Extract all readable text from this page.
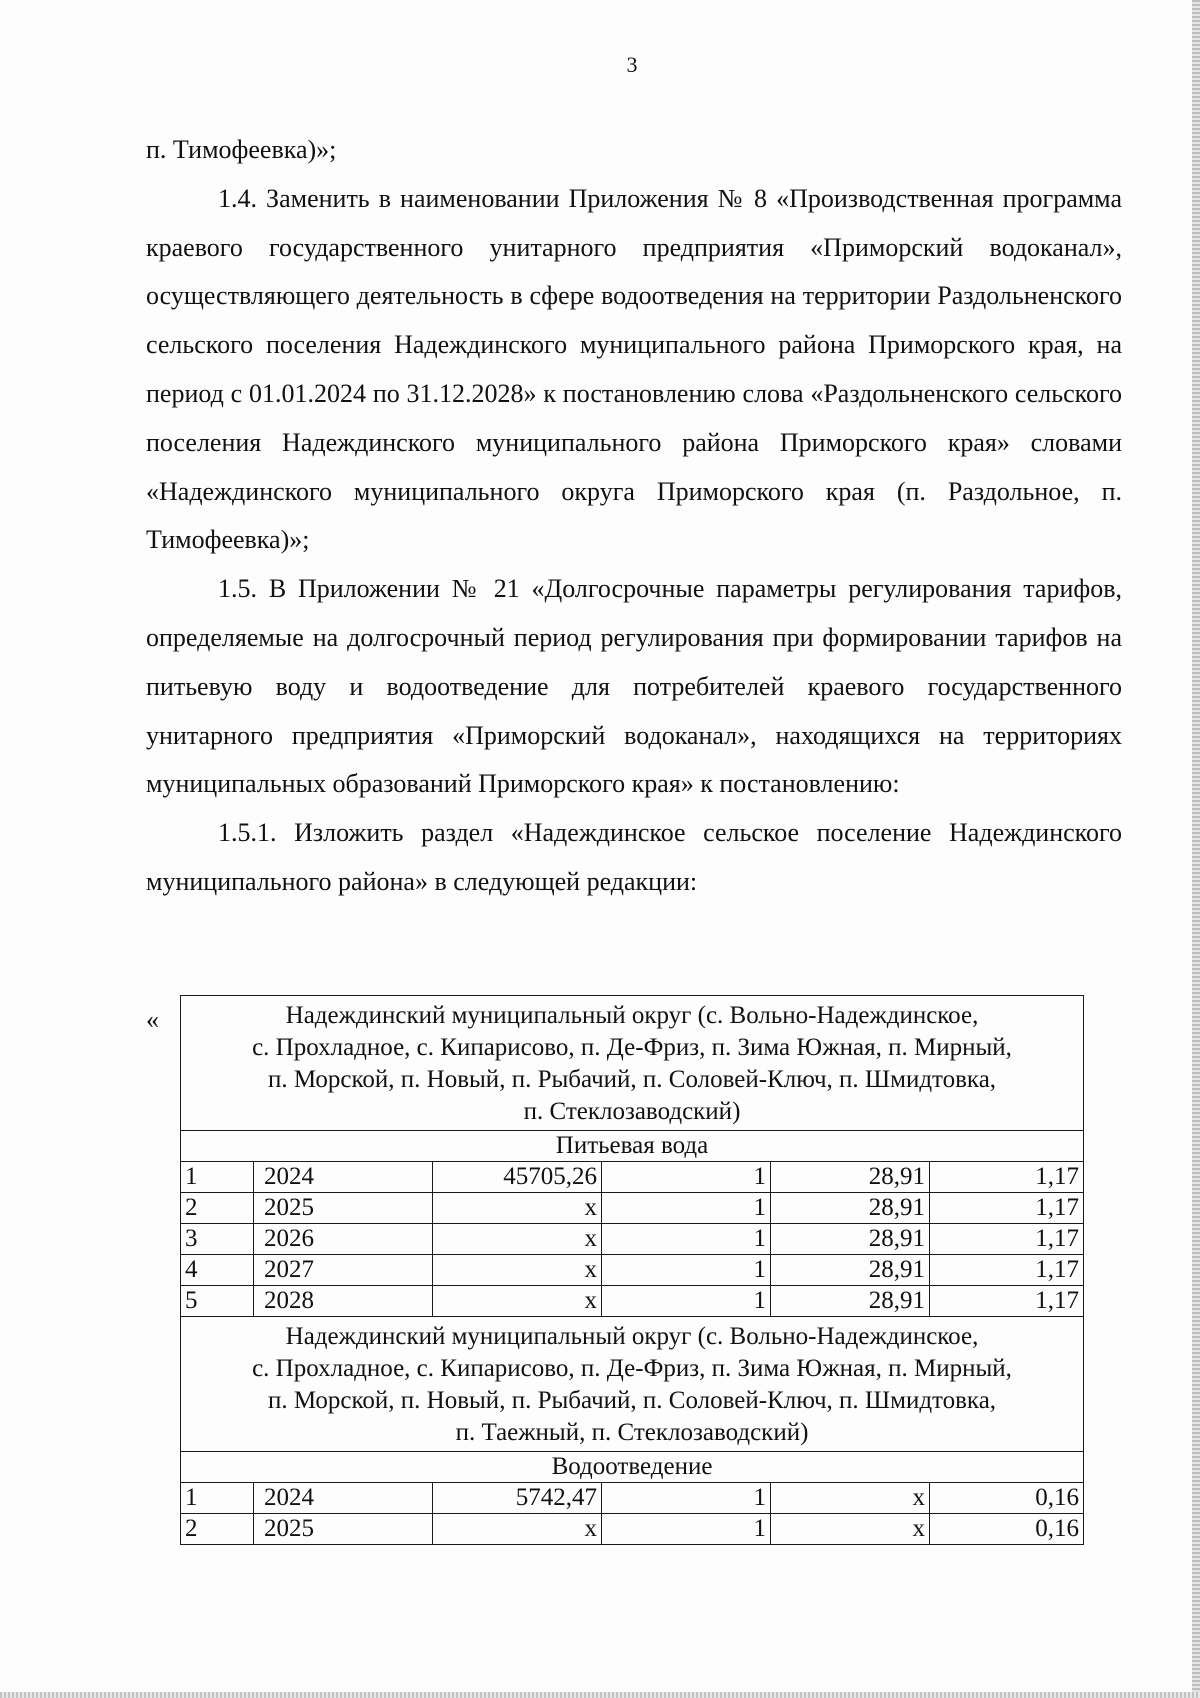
3

п. Тимофеевка)»;

1.4. Заменить в наименовании Приложения № 8 «Производственная программа краевого государственного унитарного предприятия «Приморский водоканал», осуществляющего деятельность в сфере водоотведения на территории Раздольненского сельского поселения Надеждинского муниципального района Приморского края, на период с 01.01.2024 по 31.12.2028» к постановлению слова «Раздольненского сельского поселения Надеждинского муниципального района Приморского края» словами «Надеждинского муниципального округа Приморского края (п. Раздольное, п. Тимофеевка)»;

1.5. В Приложении № 21 «Долгосрочные параметры регулирования тарифов, определяемые на долгосрочный период регулирования при формировании тарифов на питьевую воду и водоотведение для потребителей краевого государственного унитарного предприятия «Приморский водоканал», находящихся на территориях муниципальных образований Приморского края» к постановлению:

1.5.1. Изложить раздел «Надеждинское сельское поселение Надеждинского муниципального района» в следующей редакции:

«	Надеждинский муниципальный округ (с. Вольно-Надеждинское,
с. Прохладное, с. Кипарисово, п. Де-Фриз, п. Зима Южная, п. Мирный,
п. Морской, п. Новый, п. Рыбачий, п. Соловей-Ключ, п. Шмидтовка,
п. Стеклозаводский)					

Питьевая вода					
1	2024	45705,26	1	28,91	1,17
2	2025	х	1	28,91	1,17
3	2026	х	1	28,91	1,17
4	2027	х	1	28,91	1,17
5	2028	х	1	28,91	1,17

Надеждинский муниципальный округ (с. Вольно-Надеждинское,
с. Прохладное, с. Кипарисово, п. Де-Фриз, п. Зима Южная, п. Мирный,
п. Морской, п. Новый, п. Рыбачий, п. Соловей-Ключ, п. Шмидтовка,
п. Таежный, п. Стеклозаводский)					

Водоотведение					
1	2024	5742,47	1	х	0,16
2	2025	х	1	х	0,16
